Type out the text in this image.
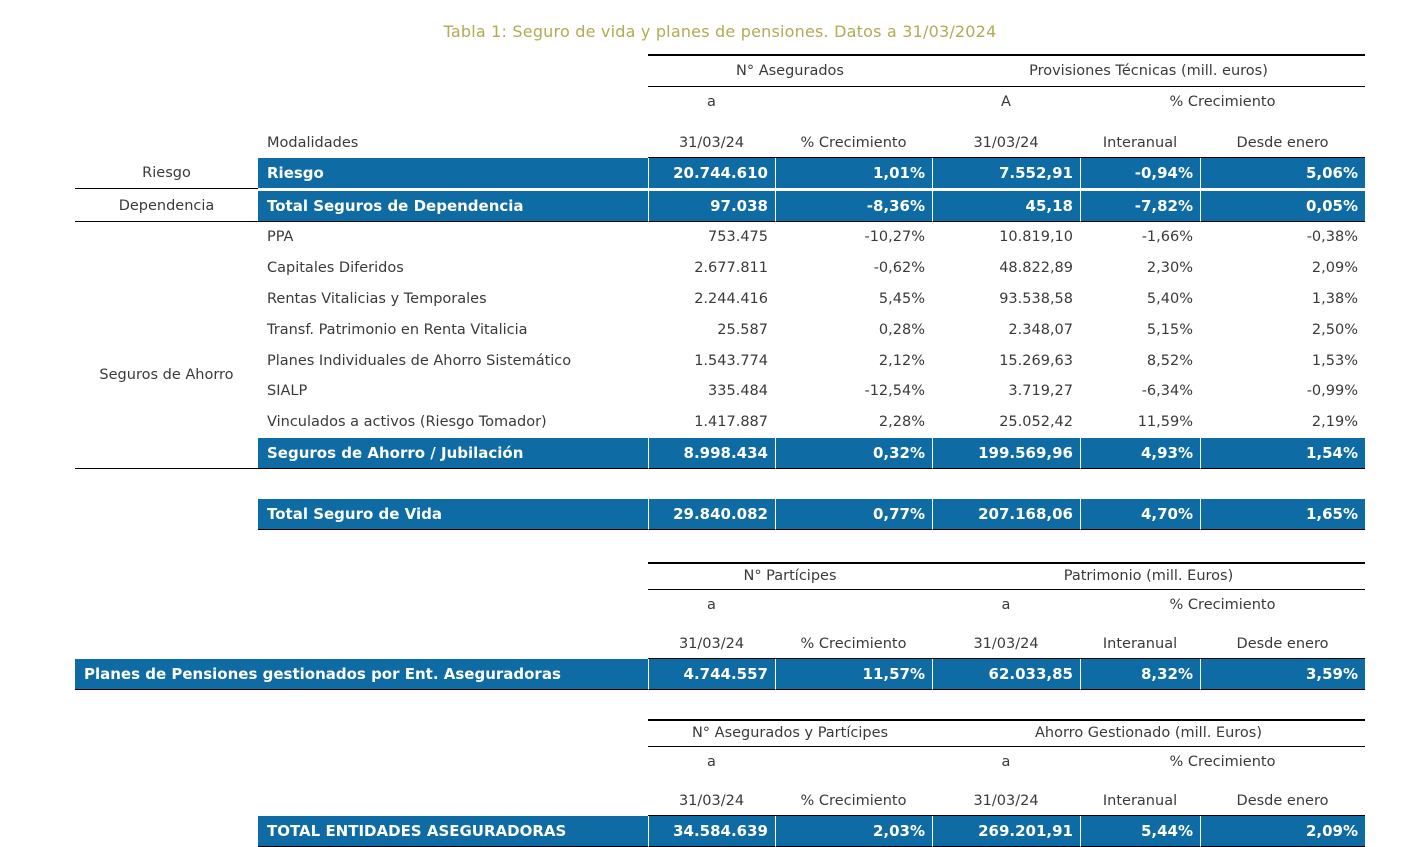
Tabla 1: Seguro de vida y planes de pensiones. Datos a 31/03/2024
N° Asegurados	Provisiones Técnicas (mill. euros)
a	A	% Crecimiento
Modalidades	31/03/24	% Crecimiento	31/03/24	Interanual	Desde enero
Riesgo	Riesgo	20.744.610	1,01%	7.552,91	-0,94%	5,06%
Dependencia	Total Seguros de Dependencia	97.038	-8,36%	45,18	-7,82%	0,05%
Seguros de Ahorro
PPA	753.475	-10,27%	10.819,10	-1,66%	-0,38%
Capitales Diferidos	2.677.811	-0,62%	48.822,89	2,30%	2,09%
Rentas Vitalicias y Temporales	2.244.416	5,45%	93.538,58	5,40%	1,38%
Transf. Patrimonio en Renta Vitalicia	25.587	0,28%	2.348,07	5,15%	2,50%
Planes Individuales de Ahorro Sistemático	1.543.774	2,12%	15.269,63	8,52%	1,53%
SIALP	335.484	-12,54%	3.719,27	-6,34%	-0,99%
Vinculados a activos (Riesgo Tomador)	1.417.887	2,28%	25.052,42	11,59%	2,19%
Seguros de Ahorro / Jubilación	8.998.434	0,32%	199.569,96	4,93%	1,54%
Total Seguro de Vida	29.840.082	0,77%	207.168,06	4,70%	1,65%
N° Partícipes	Patrimonio (mill. Euros)
a	a	% Crecimiento
31/03/24	% Crecimiento	31/03/24	Interanual	Desde enero
Planes de Pensiones gestionados por Ent. Aseguradoras	4.744.557	11,57%	62.033,85	8,32%	3,59%
N° Asegurados y Partícipes	Ahorro Gestionado (mill. Euros)
a	a	% Crecimiento
31/03/24	% Crecimiento	31/03/24	Interanual	Desde enero
TOTAL ENTIDADES ASEGURADORAS	34.584.639	2,03%	269.201,91	5,44%	2,09%
